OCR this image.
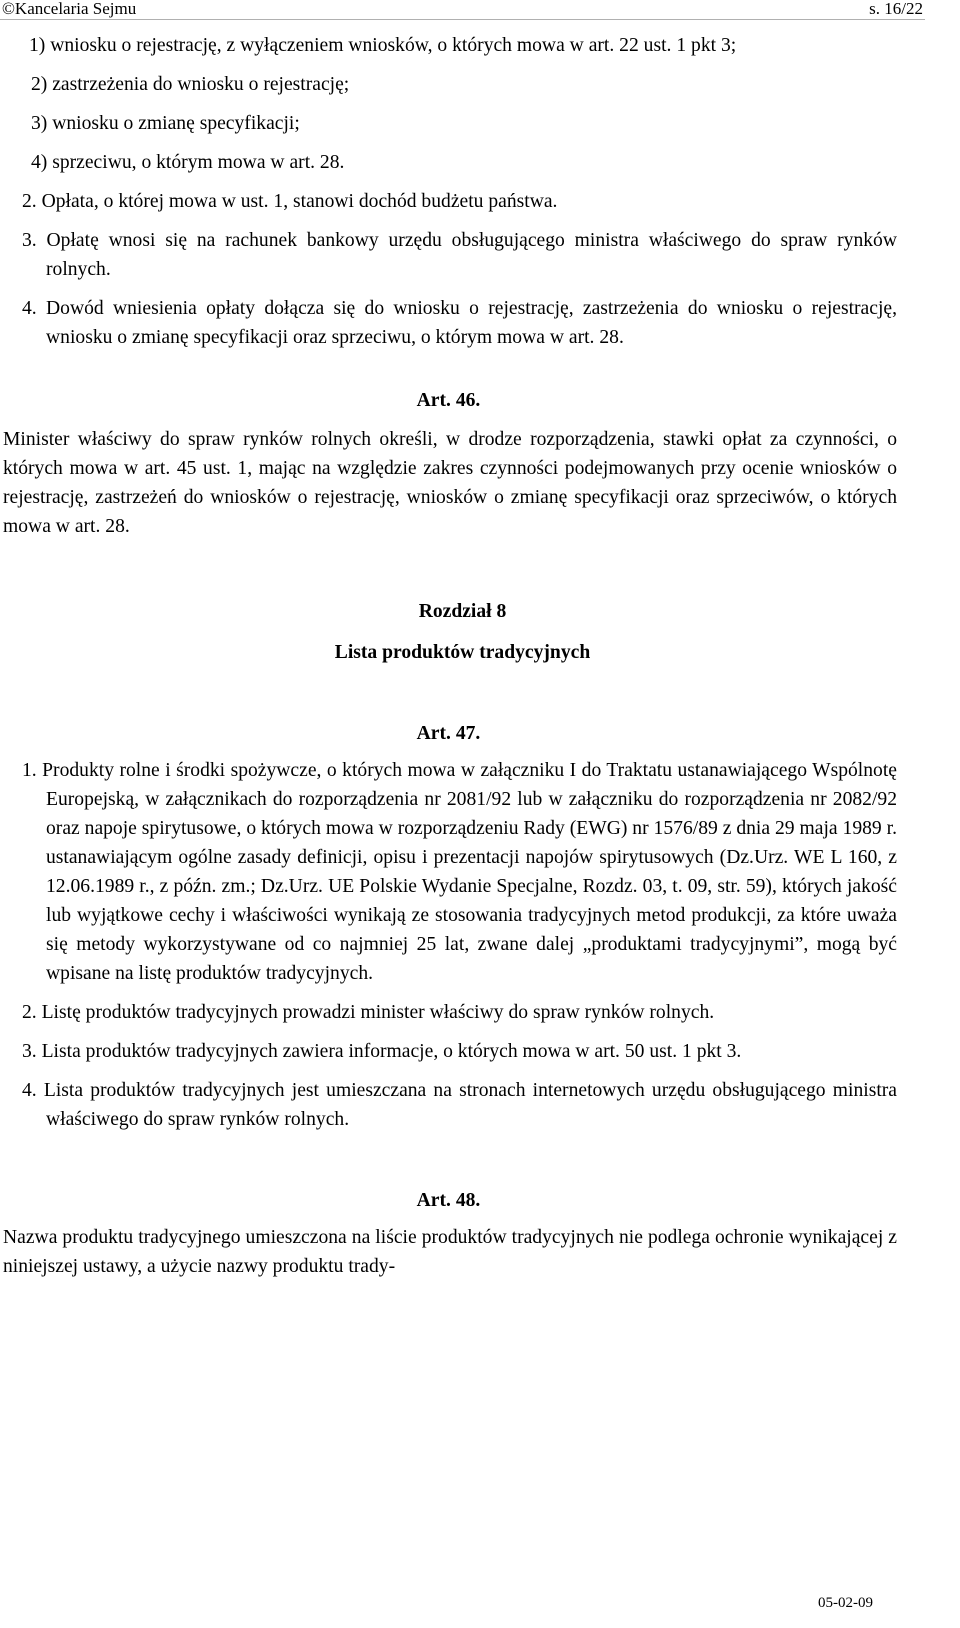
©Kancelaria Sejmu	s. 16/22

1) wniosku o rejestrację, z wyłączeniem wniosków, o których mowa w art. 22 ust. 1 pkt 3;

2) zastrzeżenia do wniosku o rejestrację;

3) wniosku o zmianę specyfikacji;

4) sprzeciwu, o którym mowa w art. 28.

2. Opłata, o której mowa w ust. 1, stanowi dochód budżetu państwa.

3. Opłatę wnosi się na rachunek bankowy urzędu obsługującego ministra właściwego do spraw rynków rolnych.

4. Dowód wniesienia opłaty dołącza się do wniosku o rejestrację, zastrzeżenia do wniosku o rejestrację, wniosku o zmianę specyfikacji oraz sprzeciwu, o którym mowa w art. 28.

Art. 46.

Minister właściwy do spraw rynków rolnych określi, w drodze rozporządzenia, stawki opłat za czynności, o których mowa w art. 45 ust. 1, mając na względzie zakres czynności podejmowanych przy ocenie wniosków o rejestrację, zastrzeżeń do wniosków o rejestrację, wniosków o zmianę specyfikacji oraz sprzeciwów, o których mowa w art. 28.

Rozdział 8

Lista produktów tradycyjnych

Art. 47.

1. Produkty rolne i środki spożywcze, o których mowa w załączniku I do Traktatu ustanawiającego Wspólnotę Europejską, w załącznikach do rozporządzenia nr 2081/92 lub w załączniku do rozporządzenia nr 2082/92 oraz napoje spirytusowe, o których mowa w rozporządzeniu Rady (EWG) nr 1576/89 z dnia 29 maja 1989 r. ustanawiającym ogólne zasady definicji, opisu i prezentacji napojów spirytusowych (Dz.Urz. WE L 160, z 12.06.1989 r., z późn. zm.; Dz.Urz. UE Polskie Wydanie Specjalne, Rozdz. 03, t. 09, str. 59), których jakość lub wyjątkowe cechy i właściwości wynikają ze stosowania tradycyjnych metod produkcji, za które uważa się metody wykorzystywane od co najmniej 25 lat, zwane dalej „produktami tradycyjnymi”, mogą być wpisane na listę produktów tradycyjnych.

2. Listę produktów tradycyjnych prowadzi minister właściwy do spraw rynków rolnych.

3. Lista produktów tradycyjnych zawiera informacje, o których mowa w art. 50 ust. 1 pkt 3.

4. Lista produktów tradycyjnych jest umieszczana na stronach internetowych urzędu obsługującego ministra właściwego do spraw rynków rolnych.

Art. 48.

Nazwa produktu tradycyjnego umieszczona na liście produktów tradycyjnych nie podlega ochronie wynikającej z niniejszej ustawy, a użycie nazwy produktu trady-

05-02-09
